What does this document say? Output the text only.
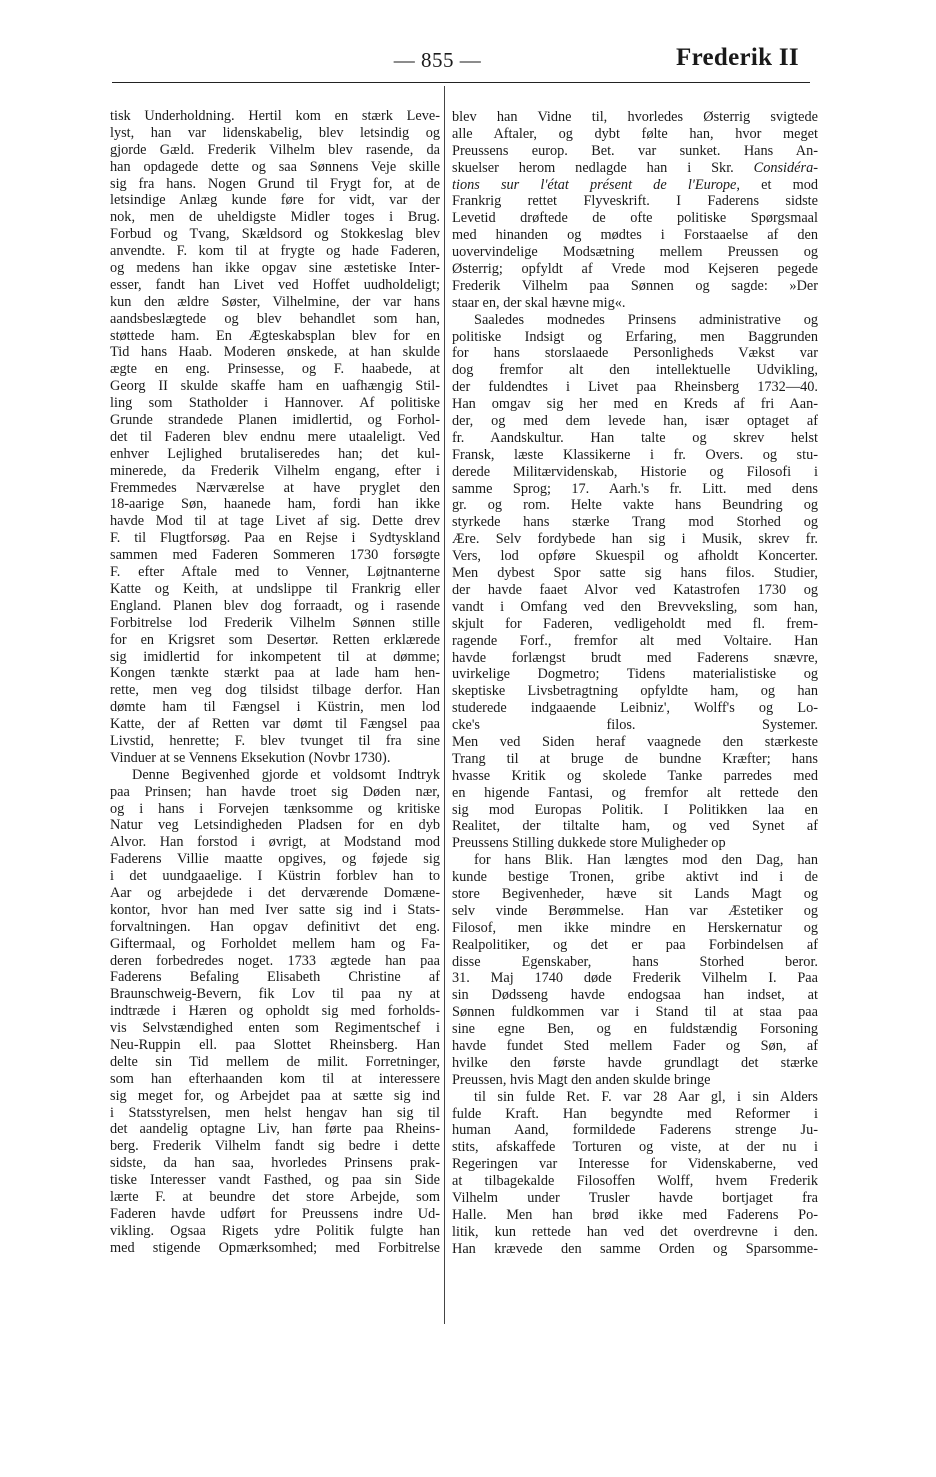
— 855 —	Frederik II
tisk Underholdning. Hertil kom en stærk Leve-
lyst, han var lidenskabelig, blev letsindig og
gjorde Gæld. Frederik Vilhelm blev rasende, da
han opdagede dette og saa Sønnens Veje skille
sig fra hans. Nogen Grund til Frygt for, at de
letsindige Anlæg kunde føre for vidt, var der
nok, men de uheldigste Midler toges i Brug.
Forbud og Tvang, Skældsord og Stokkeslag blev
anvendte. F. kom til at frygte og hade Faderen,
og medens han ikke opgav sine æstetiske Inter-
esser, fandt han Livet ved Hoffet uudholdeligt;
kun den ældre Søster, Vilhelmine, der var hans
aandsbeslægtede og blev behandlet som han,
støttede ham. En Ægteskabsplan blev for en
Tid hans Haab. Moderen ønskede, at han skulde
ægte en eng. Prinsesse, og F. haabede, at
Georg II skulde skaffe ham en uafhængig Stil-
ling som Statholder i Hannover. Af politiske
Grunde strandede Planen imidlertid, og Forhol-
det til Faderen blev endnu mere utaaleligt. Ved
enhver Lejlighed brutaliseredes han; det kul-
minerede, da Frederik Vilhelm engang, efter i
Fremmedes Nærværelse at have pryglet den
18-aarige Søn, haanede ham, fordi han ikke
havde Mod til at tage Livet af sig. Dette drev
F. til Flugtforsøg. Paa en Rejse i Sydtyskland
sammen med Faderen Sommeren 1730 forsøgte
F. efter Aftale med to Venner, Løjtnanterne
Katte og Keith, at undslippe til Frankrig eller
England. Planen blev dog forraadt, og i rasende
Forbitrelse lod Frederik Vilhelm Sønnen stille
for en Krigsret som Desertør. Retten erklærede
sig imidlertid for inkompetent til at dømme;
Kongen tænkte stærkt paa at lade ham hen-
rette, men veg dog tilsidst tilbage derfor. Han
dømte ham til Fængsel i Küstrin, men lod
Katte, der af Retten var dømt til Fængsel paa
Livstid, henrette; F. blev tvunget til fra sine
Vinduer at se Vennens Eksekution (Novbr 1730).
Denne Begivenhed gjorde et voldsomt Indtryk
paa Prinsen; han havde troet sig Døden nær,
og i hans i Forvejen tænksomme og kritiske
Natur veg Letsindigheden Pladsen for en dyb
Alvor. Han forstod i øvrigt, at Modstand mod
Faderens Villie maatte opgives, og føjede sig
i det uundgaaelige. I Küstrin forblev han to
Aar og arbejdede i det derværende Domæne-
kontor, hvor han med Iver satte sig ind i Stats-
forvaltningen. Han opgav definitivt det eng.
Giftermaal, og Forholdet mellem ham og Fa-
deren forbedredes noget. 1733 ægtede han paa
Faderens Befaling Elisabeth Christine af
Braunschweig-Bevern, fik Lov til paa ny at
indtræde i Hæren og opholdt sig med forholds-
vis Selvstændighed enten som Regimentschef i
Neu-Ruppin ell. paa Slottet Rheinsberg. Han
delte sin Tid mellem de milit. Forretninger,
som han efterhaanden kom til at interessere
sig meget for, og Arbejdet paa at sætte sig ind
i Statsstyrelsen, men helst hengav han sig til
det aandelig optagne Liv, han førte paa Rheins-
berg. Frederik Vilhelm fandt sig bedre i dette
sidste, da han saa, hvorledes Prinsens prak-
tiske Interesser vandt Fasthed, og paa sin Side
lærte F. at beundre det store Arbejde, som
Faderen havde udført for Preussens indre Ud-
vikling. Ogsaa Rigets ydre Politik fulgte han
med stigende Opmærksomhed; med Forbitrelse
blev han Vidne til, hvorledes Østerrig svigtede
alle Aftaler, og dybt følte han, hvor meget
Preussens europ. Bet. var sunket. Hans An-
skuelser herom nedlagde han i Skr. Considéra-
tions sur l'état présent de l'Europe, et mod
Frankrig rettet Flyveskrift. I Faderens sidste
Levetid drøftede de ofte politiske Spørgsmaal
med hinanden og mødtes i Forstaaelse af den
uovervindelige Modsætning mellem Preussen og
Østerrig; opfyldt af Vrede mod Kejseren pegede
Frederik Vilhelm paa Sønnen og sagde: »Der
staar en, der skal hævne mig«.
Saaledes modnedes Prinsens administrative og
politiske Indsigt og Erfaring, men Baggrunden
for hans storslaaede Personligheds Vækst var
dog fremfor alt den intellektuelle Udvikling,
der fuldendtes i Livet paa Rheinsberg 1732—40.
Han omgav sig her med en Kreds af fri Aan-
der, og med dem levede han, især optaget af
fr. Aandskultur. Han talte og skrev helst
Fransk, læste Klassikerne i fr. Overs. og stu-
derede Militærvidenskab, Historie og Filosofi i
samme Sprog; 17. Aarh.'s fr. Litt. med dens
gr. og rom. Helte vakte hans Beundring og
styrkede hans stærke Trang mod Storhed og
Ære. Selv fordybede han sig i Musik, skrev fr.
Vers, lod opføre Skuespil og afholdt Koncerter.
Men dybest Spor satte sig hans filos. Studier,
der havde faaet Alvor ved Katastrofen 1730 og
vandt i Omfang ved den Brevveksling, som han,
skjult for Faderen, vedligeholdt med fl. frem-
ragende Forf., fremfor alt med Voltaire. Han
havde forlængst brudt med Faderens snævre,
uvirkelige Dogmetro; Tidens materialistiske og
skeptiske Livsbetragtning opfyldte ham, og han
studerede indgaaende Leibniz', Wolff's og Lo-
cke's filos. Systemer.
Men ved Siden heraf vaagnede den stærkeste
Trang til at bruge de bundne Kræfter; hans
hvasse Kritik og skolede Tanke parredes med
en higende Fantasi, og fremfor alt rettede den
sig mod Europas Politik. I Politikken laa en
Realitet, der tiltalte ham, og ved Synet af
Preussens Stilling dukkede store Muligheder op
for hans Blik. Han længtes mod den Dag, han
kunde bestige Tronen, gribe aktivt ind i de
store Begivenheder, hæve sit Lands Magt og
selv vinde Berømmelse. Han var Æstetiker og
Filosof, men ikke mindre en Herskernatur og
Realpolitiker, og det er paa Forbindelsen af
disse Egenskaber, hans Storhed beror.
31. Maj 1740 døde Frederik Vilhelm I. Paa
sin Dødsseng havde endogsaa han indset, at
Sønnen fuldkommen var i Stand til at staa paa
sine egne Ben, og en fuldstændig Forsoning
havde fundet Sted mellem Fader og Søn, af
hvilke den første havde grundlagt det stærke
Preussen, hvis Magt den anden skulde bringe
til sin fulde Ret. F. var 28 Aar gl, i sin Alders
fulde Kraft. Han begyndte med Reformer i
human Aand, formildede Faderens strenge Ju-
stits, afskaffede Torturen og viste, at der nu i
Regeringen var Interesse for Videnskaberne, ved
at tilbagekalde Filosoffen Wolff, hvem Frederik
Vilhelm under Trusler havde bortjaget fra
Halle. Men han brød ikke med Faderens Po-
litik, kun rettede han ved det overdrevne i den.
Han krævede den samme Orden og Sparsomme-
